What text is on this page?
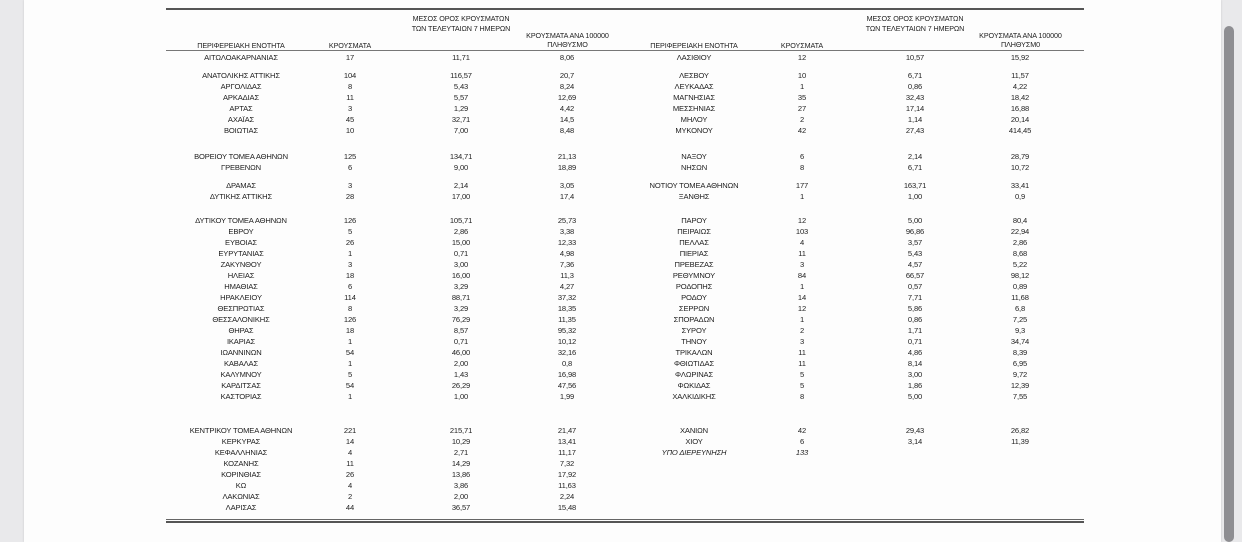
ΠΕΡΙΦΕΡΕΙΑΚΗ ΕΝΟΤΗΤΑ	ΚΡΟΥΣΜΑΤΑ
ΜΕΣΟΣ ΟΡΟΣ ΚΡΟΥΣΜΑΤΩΝ ΤΩΝ ΤΕΛΕΥΤΑΙΩΝ 7 ΗΜΕΡΩΝ
ΚΡΟΥΣΜΑΤΑ ΑΝΑ 100000 ΠΛΗΘΥΣΜΟ	ΠΕΡΙΦΕΡΕΙΑΚΗ ΕΝΟΤΗΤΑ	ΚΡΟΥΣΜΑΤΑ
ΜΕΣΟΣ ΟΡΟΣ ΚΡΟΥΣΜΑΤΩΝ ΤΩΝ ΤΕΛΕΥΤΑΙΩΝ 7 ΗΜΕΡΩΝ
ΚΡΟΥΣΜΑΤΑ ΑΝΑ 100000 ΠΛΗΘΥΣΜ0
ΑΙΤΩΛΟΑΚΑΡΝΑΝΙΑΣ	17	11,71	8,06
ΑΝΑΤΟΛΙΚΗΣ ΑΤΤΙΚΗΣ	104	116,57	20,7
ΑΡΓΟΛΙΔΑΣ	8	5,43	8,24
ΑΡΚΑΔΙΑΣ	11	5,57	12,69
ΑΡΤΑΣ	3	1,29	4,42
ΑΧΑΪΑΣ	45	32,71	14,5
ΒΟΙΩΤΙΑΣ	10	7,00	8,48
ΒΟΡΕΙΟΥ ΤΟΜΕΑ ΑΘΗΝΩΝ	125	134,71	21,13
ΓΡΕΒΕΝΩΝ	6	9,00	18,89
ΔΡΑΜΑΣ	3	2,14	3,05
ΔΥΤΙΚΗΣ ΑΤΤΙΚΗΣ	28	17,00	17,4
ΔΥΤΙΚΟΥ ΤΟΜΕΑ ΑΘΗΝΩΝ	126	105,71	25,73
ΕΒΡΟΥ	5	2,86	3,38
ΕΥΒΟΙΑΣ	26	15,00	12,33
ΕΥΡΥΤΑΝΙΑΣ	1	0,71	4,98
ΖΑΚΥΝΘΟΥ	3	3,00	7,36
ΗΛΕΙΑΣ	18	16,00	11,3
ΗΜΑΘΙΑΣ	6	3,29	4,27
ΗΡΑΚΛΕΙΟΥ	114	88,71	37,32
ΘΕΣΠΡΩΤΙΑΣ	8	3,29	18,35
ΘΕΣΣΑΛΟΝΙΚΗΣ	126	76,29	11,35
ΘΗΡΑΣ	18	8,57	95,32
ΙΚΑΡΙΑΣ	1	0,71	10,12
ΙΩΑΝΝΙΝΩΝ	54	46,00	32,16
ΚΑΒΑΛΑΣ	1	2,00	0,8
ΚΑΛΥΜΝΟΥ	5	1,43	16,98
ΚΑΡΔΙΤΣΑΣ	54	26,29	47,56
ΚΑΣΤΟΡΙΑΣ	1	1,00	1,99
ΚΕΝΤΡΙΚΟΥ ΤΟΜΕΑ ΑΘΗΝΩΝ	221	215,71	21,47
ΚΕΡΚΥΡΑΣ	14	10,29	13,41
ΚΕΦΑΛΛΗΝΙΑΣ	4	2,71	11,17
ΚΟΖΑΝΗΣ	11	14,29	7,32
ΚΟΡΙΝΘΙΑΣ	26	13,86	17,92
ΚΩ	4	3,86	11,63
ΛΑΚΩΝΙΑΣ	2	2,00	2,24
ΛΑΡΙΣΑΣ	44	36,57	15,48
ΛΑΣΙΘΙΟΥ	12	10,57	15,92
ΛΕΣΒΟΥ	10	6,71	11,57
ΛΕΥΚΑΔΑΣ	1	0,86	4,22
ΜΑΓΝΗΣΙΑΣ	35	32,43	18,42
ΜΕΣΣΗΝΙΑΣ	27	17,14	16,88
ΜΗΛΟΥ	2	1,14	20,14
ΜΥΚΟΝΟΥ	42	27,43	414,45
ΝΑΞΟΥ	6	2,14	28,79
ΝΗΣΩΝ	8	6,71	10,72
ΝΟΤΙΟΥ ΤΟΜΕΑ ΑΘΗΝΩΝ	177	163,71	33,41
ΞΑΝΘΗΣ	1	1,00	0,9
ΠΑΡΟΥ	12	5,00	80,4
ΠΕΙΡΑΙΩΣ	103	96,86	22,94
ΠΕΛΛΑΣ	4	3,57	2,86
ΠΙΕΡΙΑΣ	11	5,43	8,68
ΠΡΕΒΕΖΑΣ	3	4,57	5,22
ΡΕΘΥΜΝΟΥ	84	66,57	98,12
ΡΟΔΟΠΗΣ	1	0,57	0,89
ΡΟΔΟΥ	14	7,71	11,68
ΣΕΡΡΩΝ	12	5,86	6,8
ΣΠΟΡΑΔΩΝ	1	0,86	7,25
ΣΥΡΟΥ	2	1,71	9,3
ΤΗΝΟΥ	3	0,71	34,74
ΤΡΙΚΑΛΩΝ	11	4,86	8,39
ΦΘΙΩΤΙΔΑΣ	11	8,14	6,95
ΦΛΩΡΙΝΑΣ	5	3,00	9,72
ΦΩΚΙΔΑΣ	5	1,86	12,39
ΧΑΛΚΙΔΙΚΗΣ	8	5,00	7,55
ΧΑΝΙΩΝ	42	29,43	26,82
ΧΙΟΥ	6	3,14	11,39
ΥΠΟ ΔΙΕΡΕΥΝΗΣΗ	133
